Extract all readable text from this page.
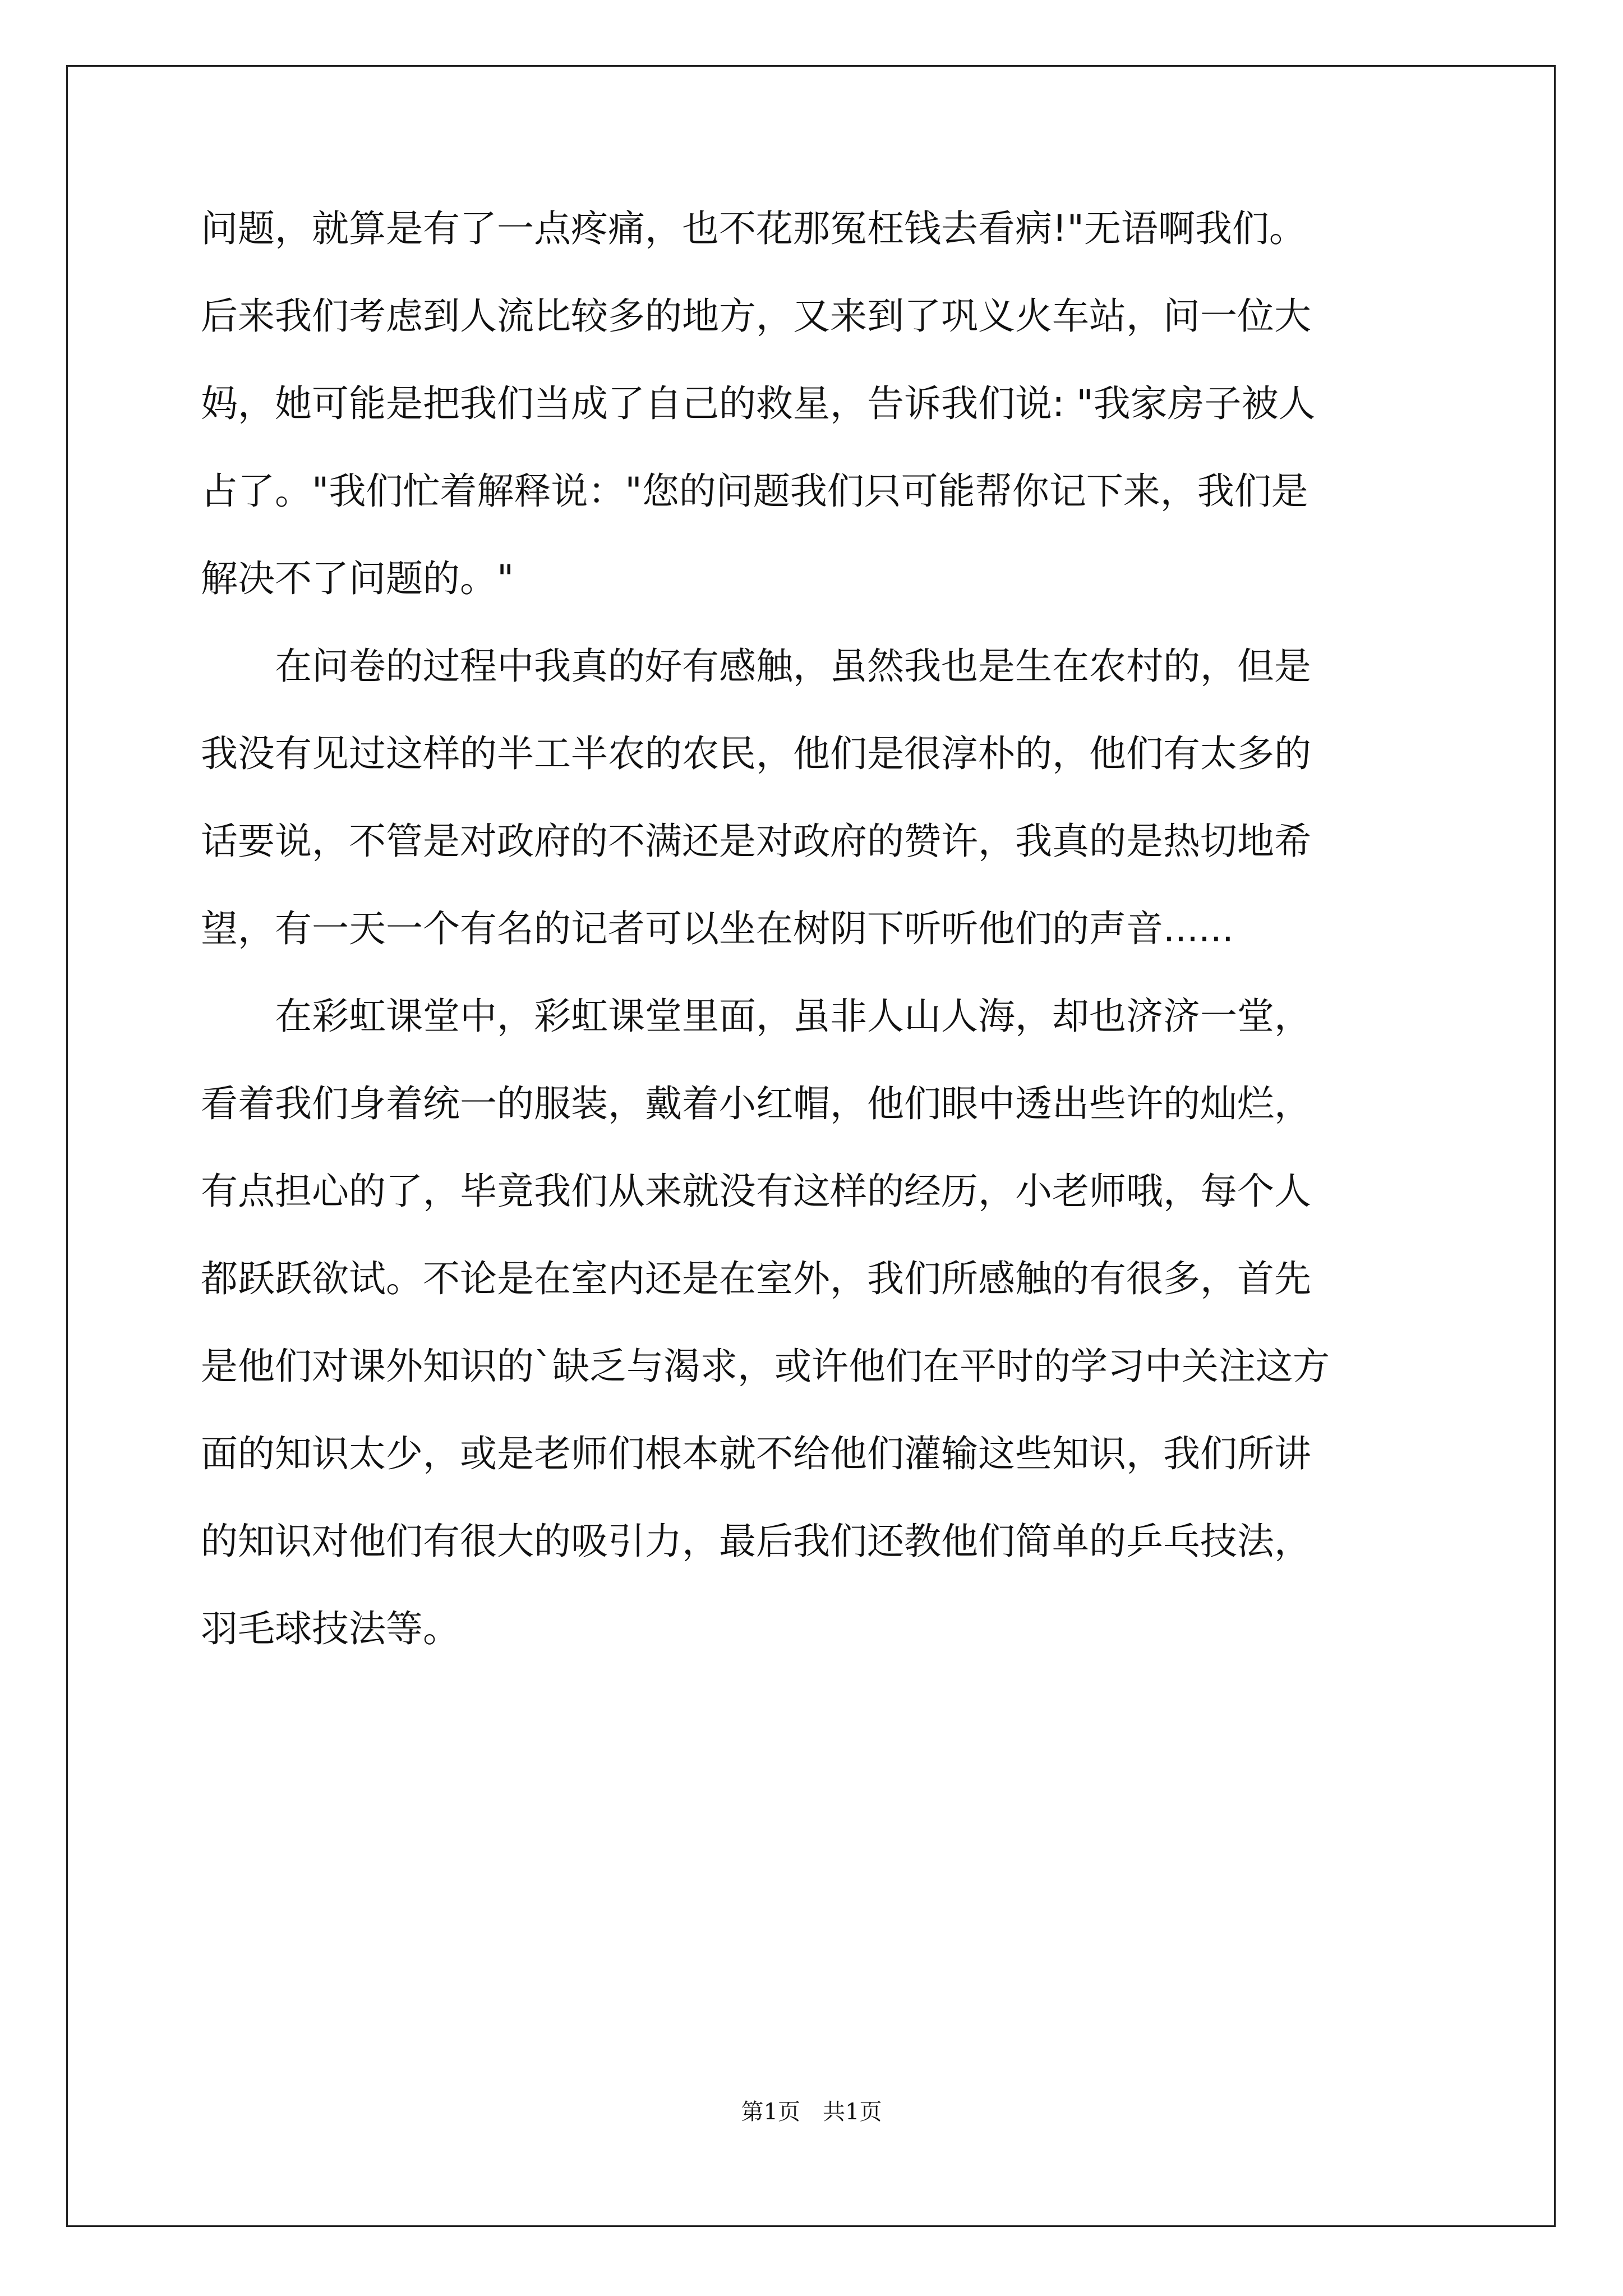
问题，就算是有了一点疼痛，也不花那冤枉钱去看病!"无语啊我们。
后来我们考虑到人流比较多的地方，又来到了巩义火车站，问一位大
妈，她可能是把我们当成了自己的救星，告诉我们说: "我家房子被人
占了。"我们忙着解释说："您的问题我们只可能帮你记下来，我们是
解决不了问题的。"
　　在问卷的过程中我真的好有感触，虽然我也是生在农村的，但是
我没有见过这样的半工半农的农民，他们是很淳朴的，他们有太多的
话要说，不管是对政府的不满还是对政府的赞许，我真的是热切地希
望，有一天一个有名的记者可以坐在树阴下听听他们的声音......
　　在彩虹课堂中，彩虹课堂里面，虽非人山人海，却也济济一堂，
看着我们身着统一的服装，戴着小红帽，他们眼中透出些许的灿烂，
有点担心的了，毕竟我们从来就没有这样的经历，小老师哦，每个人
都跃跃欲试。不论是在室内还是在室外，我们所感触的有很多，首先
是他们对课外知识的`缺乏与渴求，或许他们在平时的学习中关注这方
面的知识太少，或是老师们根本就不给他们灌输这些知识，我们所讲
的知识对他们有很大的吸引力，最后我们还教他们简单的乒乓技法，
羽毛球技法等。
第1页　共1页
